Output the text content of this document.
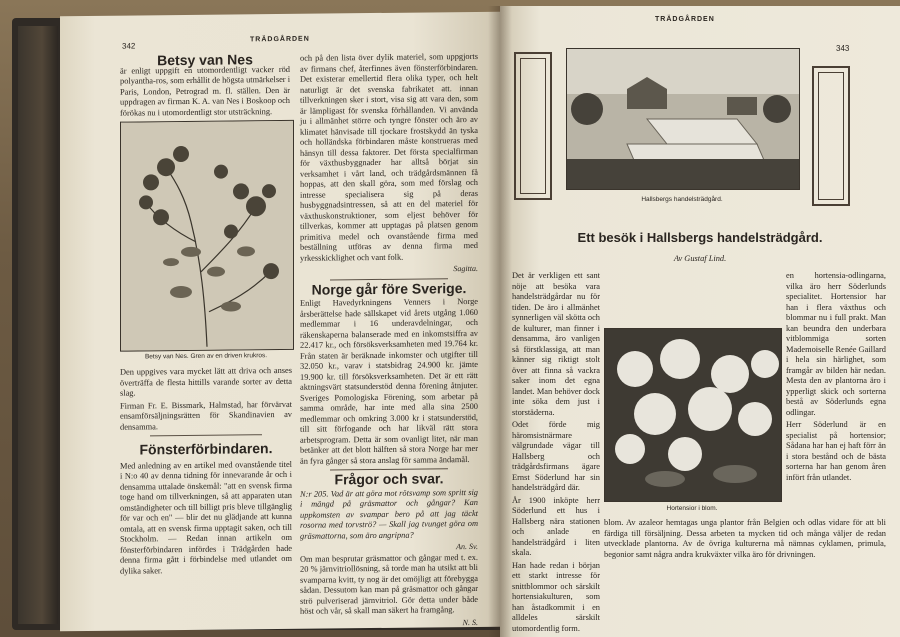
342
TRÄDGÅRDEN
Betsy van Nes

är enligt uppgift en utomordentligt vacker röd polyantha-ros, som erhållit de högsta utmärkelser i Paris, London, Petrograd m. fl. ställen. Den är uppdragen av firman K. A. van Nes i Boskoop och förökas nu i utomordentligt stor utsträckning.

Betsy van Nes. Gren av en driven krukros.

Den uppgives vara mycket lätt att driva och anses överträffa de flesta hittills varande sorter av detta slag.

Firman Fr. E. Bissmark, Halmstad, har förvärvat ensamförsäljningsrätten för Skandinavien av densamma.

Fönsterförbindaren.

Med anledning av en artikel med ovanstående titel i N:o 40 av denna tidning för innevarande år och i densamma uttalade önskemål: "att en svensk firma toge hand om tillverkningen, så att apparaten utan omständigheter och till billigt pris bleve tillgänglig för var och en" — blir det nu glädjande att kunna omtala, att en svensk firma upptagit saken, och till Stockholm. — Redan innan artikeln om fönsterförbindaren infördes i Trädgården hade denna firma gått i förbindelse med utlandet om dylika saker.

och på den lista över dylik materiel, som uppgjorts av firmans chef, återfinnes även fönsterförbindaren. Det existerar emellertid flera olika typer, och helt naturligt är det svenska fabrikatet att. innan tillverkningen sker i stort, visa sig att vara den, som är lämpligast för svenska förhållanden. Vi använda ju i allmänhet större och tyngre fönster och äro av klimatet hänvisade till tjockare frostskydd än tyska och holländska förbindaren måste konstrueras med hänsyn till dessa faktorer. Det första specialfirman för växthusbyggnader har alltså börjat sin verksamhet i vårt land, och trädgårdsmännen få hoppas, att den skall göra, som med förslag och intresse specialisera sig på deras husbyggnadsintressen, så att en del materiel för växthuskonstruktioner, som eljest behöver för tillverkas, kommer att upptagas på platsen genom primitiva medel och ovanstående firma med beställning utföras av denna firma med yrkesskicklighet och vant folk.

Sagitta.
Norge går före Sverige.

Enligt Havedyrkningens Venners i Norge årsberättelse hade sällskapet vid årets utgång 1.060 medlemmar i 16 underavdelningar, och räkenskaperna balanserade med en inkomstsiffra av 22.417 kr., och försöksverksamheten med 19.764 kr. Från staten är beräknade inkomster och utgifter till 32.050 kr., varav i statsbidrag 24.900 kr. jämte 19.900 kr. till försöksverksamheten. Det är ett rätt aktningsvärt statsunderstöd denna förening åtnjuter. Sveriges Pomologiska Förening, som arbetar på samma område, har inte med alla sina 2500 medlemmar och omkring 3.000 kr i statsunderstöd, till sitt förfogande och har likväl rätt stora arbetsprogram. Detta är som ovanligt litet, när man betänker att det blott hälften så stora Norge har mer än fyra gånger så stora anslag för samma ändamål.

Frågor och svar.

N:r 205. Vad är att göra mot rötsvamp som spritt sig i mängd på gräsmattor och gångar? Kan uppkomsten av svampar bero på att jag täckt rosorna med torvströ? — Skall jag tvunget göra om gräsmattorna, som äro angripna?

An. Sv.

Om man besprutar gräsmattor och gångar med t. ex. 20 % järnvitriollösning, så torde man ha utsikt att bli svamparna kvitt, ty nog är det omöjligt att förebygga sådan. Dessutom kan man på gräsmattor och gångar strö pulveriserad järnvitriol. Gör detta under både höst och vår, så skall man säkert ha framgång.

N. S.
TRÄDGÅRDEN
343
Hallsbergs handelsträdgård.
Ett besök i Hallsbergs handelsträdgård.
Av Gustaf Lind.

Det är verkligen ett sant nöje att besöka vara handelsträdgårdar nu för tiden. De äro i allmänhet synnerligen väl skötta och de kulturer, man finner i densamma, äro vanligen så förstklassiga, att man känner sig riktigt stolt över att finna så vackra saker inom det egna landet. Man behöver dock inte söka dem just i storstäderna.

Odet förde mig häromsistnärmare välgrundade vägar till Hallsberg och trädgårdsfirmans ägare Ernst Söderlund har sin handelsträdgård där.

År 1900 inköpte herr Söderlund ett hus i Hallsberg nära stationen och anlade en handelsträdgård i liten skala.

Han hade redan i början ett starkt intresse för snittblommor och särskilt hortensiakulturen, som han åstadkommit i en alldeles särskilt utomordentlig form.

Hortensior i blom.

en hortensia-odlingarna, vilka äro herr Söderlunds specialitet. Hortensior har han i flera växthus och blommar nu i full prakt. Man kan beundra den underbara vitblommiga sorten Mademoiselle Renée Gaillard i hela sin härlighet, som framgår av bilden här nedan. Mesta den av plantorna äro i ypperligt skick och sorterna bestå av Söderlunds egna odlingar.

Herr Söderlund är en specialist på hortensior; Sådana har han ej haft förr än i stora bestånd och de bästa sorterna har han genom åren infört från utlandet.

blom. Av azaleor hemtagas unga plantor från Belgien och odlas vidare för att bli färdiga till försäljning. Dessa arbeten ta mycken tid och många väljer de redan utvecklade plantorna. Av de övriga kulturerna må nämnas cyklamen, primula, begonior samt några andra krukväxter vilka äro för drivningen.
